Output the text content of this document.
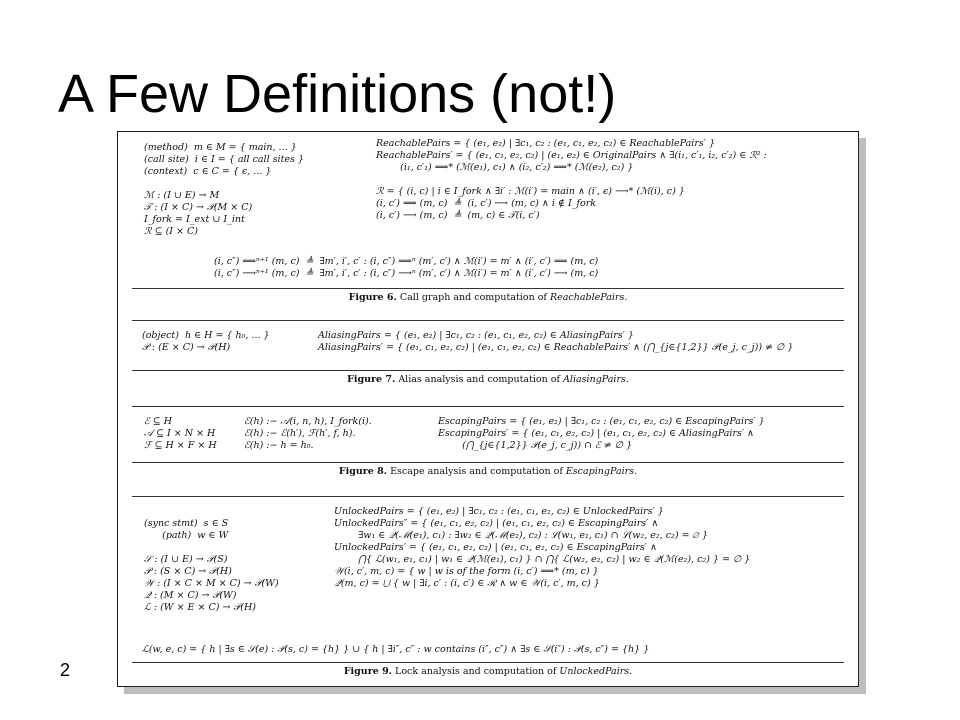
A Few Definitions (not!)
(method)  m ∈ M = { main, ... }
(call site)  i ∈ I = { all call sites }
(context)  c ∈ C = { ϵ, ... }

ℳ : (I ∪ E) → M
𝒯 : (I × C) → 𝒫(M × C)
I_fork = I_ext ∪ I_int
ℛ ⊆ (I × C)
ReachablePairs = { (e₁, e₂) | ∃c₁, c₂ : (e₁, c₁, e₂, c₂) ∈ ReachablePairs′ }
ReachablePairs′ = { (e₁, c₁, e₂, c₂) | (e₁, e₂) ∈ OriginalPairs ∧ ∃(i₁, c′₁, i₂, c′₂) ∈ ℛ² :
(i₁, c′₁) ⟹* (ℳ(e₁), c₁) ∧ (i₂, c′₂) ⟹* (ℳ(e₂), c₂) }

ℛ = { (i, c) | i ∈ I_fork ∧ ∃i′ : ℳ(i′) = main ∧ (i′, ϵ) ⟶* (ℳ(i), c) }
(i, c′) ⟹ (m, c)  ≜  (i, c′) ⟶ (m, c) ∧ i ∉ I_fork
(i, c′) ⟶ (m, c)  ≜  (m, c) ∈ 𝒯(i, c′)
(i, c″) ⟹ⁿ⁺¹ (m, c)  ≜  ∃m′, i′, c′ : (i, c″) ⟹ⁿ (m′, c′) ∧ ℳ(i′) = m′ ∧ (i′, c′) ⟹ (m, c)
(i, c″) ⟶ⁿ⁺¹ (m, c)  ≜  ∃m′, i′, c′ : (i, c″) ⟶ⁿ (m′, c′) ∧ ℳ(i′) = m′ ∧ (i′, c′) ⟶ (m, c)
Figure 6. Call graph and computation of ReachablePairs.
(object)  h ∈ H = { h₀, ... }
𝒫 : (E × C) → 𝒫(H)
AliasingPairs = { (e₁, e₂) | ∃c₁, c₂ : (e₁, c₁, e₂, c₂) ∈ AliasingPairs′ }
AliasingPairs′ = { (e₁, c₁, e₂, c₂) | (e₁, c₁, e₂, c₂) ∈ ReachablePairs′ ∧ (⋂_{j∈{1,2}} 𝒫(e_j, c_j)) ≠ ∅ }
Figure 7. Alias analysis and computation of AliasingPairs.
ℰ ⊆ H
𝒜 ⊆ I × N × H
ℱ ⊆ H × F × H
ℰ(h) :− 𝒜(i, n, h), I_fork(i).
ℰ(h) :− ℰ(h′), ℱ(h′, f, h).
ℰ(h) :− h = h₀.
EscapingPairs = { (e₁, e₂) | ∃c₁, c₂ : (e₁, c₁, e₂, c₂) ∈ EscapingPairs′ }
EscapingPairs′ = { (e₁, c₁, e₂, c₂) | (e₁, c₁, e₂, c₂) ∈ AliasingPairs′ ∧
(⋂_{j∈{1,2}} 𝒫(e_j, c_j)) ∩ ℰ ≠ ∅ }
Figure 8. Escape analysis and computation of EscapingPairs.

(sync stmt)  s ∈ S
(path)  w ∈ W

𝒮 : (I ∪ E) → 𝒫(S)
𝒫 : (S × C) → 𝒫(H)
𝒲 : (I × C × M × C) → 𝒫(W)
𝒬 : (M × C) → 𝒫(W)
ℒ : (W × E × C) → 𝒫(H)
UnlockedPairs = { (e₁, e₂) | ∃c₁, c₂ : (e₁, c₁, e₂, c₂) ∈ UnlockedPairs′ }
UnlockedPairs″ = { (e₁, c₁, e₂, c₂) | (e₁, c₁, e₂, c₂) ∈ EscapingPairs′ ∧
∃w₁ ∈ 𝒬(ℳ(e₁), c₁) : ∃w₂ ∈ 𝒬(ℳ(e₂), c₂) : ℒ(w₁, e₁, c₁) ∩ ℒ(w₂, e₂, c₂) = ∅ }
UnlockedPairs′ = { (e₁, c₁, e₂, c₂) | (e₁, c₁, e₂, c₂) ∈ EscapingPairs′ ∧
⋂{ ℒ(w₁, e₁, c₁) | w₁ ∈ 𝒬(ℳ(e₁), c₁) } ∩ ⋂{ ℒ(w₂, e₂, c₂) | w₂ ∈ 𝒬(ℳ(e₂), c₂) } = ∅ }
𝒲(i, c′, m, c) = { w | w is of the form (i, c′) ⟹* (m, c) }
𝒬(m, c) = ⋃ { w | ∃i, c′ : (i, c′) ∈ ℛ ∧ w ∈ 𝒲(i, c′, m, c) }
ℒ(w, e, c) = { h | ∃s ∈ 𝒮(e) : 𝒫(s, c) = {h} } ∪ { h | ∃i″, c″ : w contains (i″, c″) ∧ ∃s ∈ 𝒮(i″) : 𝒫(s, c″) = {h} }
Figure 9. Lock analysis and computation of UnlockedPairs.
2
